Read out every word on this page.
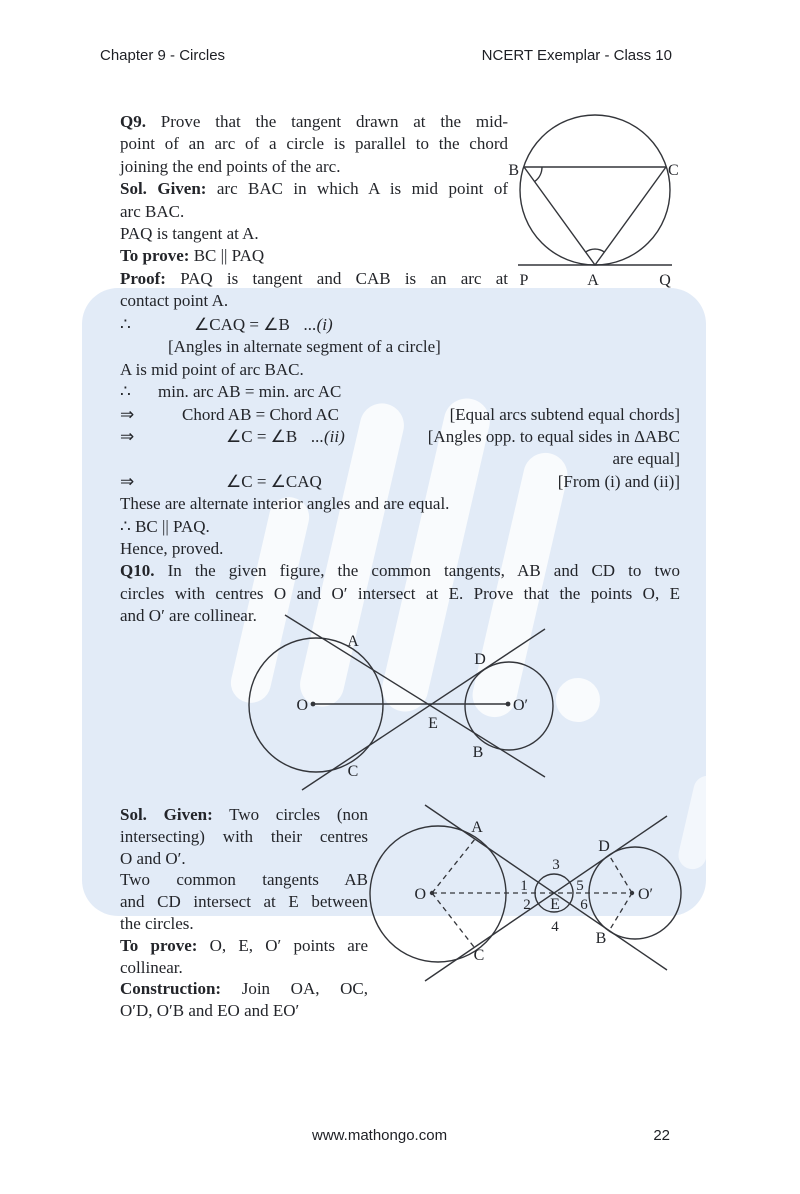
Chapter 9 - Circles	NCERT Exemplar - Class 10

Q9. Prove that the tangent drawn at the mid-

point of an arc of a circle is parallel to the chord

joining the end points of the arc.

Sol. Given: arc BAC in which A is mid point of

arc BAC.

PAQ is tangent at A.

To prove: BC || PAQ

Proof: PAQ is tangent and CAB is an arc at

contact point A.

B	C
P	A	Q
∴	∠CAQ = ∠B ...(i)

[Angles in alternate segment of a circle]

A is mid point of arc BAC.

∴	min. arc AB = min. arc AC
⇒	Chord AB = Chord AC	[Equal arcs subtend equal chords]
⇒	∠C = ∠B ...(ii)	[Angles opp. to equal sides in ΔABC

are equal]

⇒	∠C = ∠CAQ	[From (i) and (ii)]

These are alternate interior angles and are equal.

∴ BC || PAQ.

Hence, proved.

Q10. In the given figure, the common tangents, AB and CD to two

circles with centres O and O′ intersect at E. Prove that the points O, E

and O′ are collinear.

A
D
O	O′
E
B
C

Sol. Given: Two circles (non

intersecting) with their centres

O and O′.

Two common tangents AB

and CD intersect at E between

the circles.

To prove: O, E, O′ points are

collinear.

Construction: Join OA, OC,

O′D, O′B and EO and EO′

A
D
O	O′
E
B
C
1
2
3
4
5
6
www.mathongo.com	22
